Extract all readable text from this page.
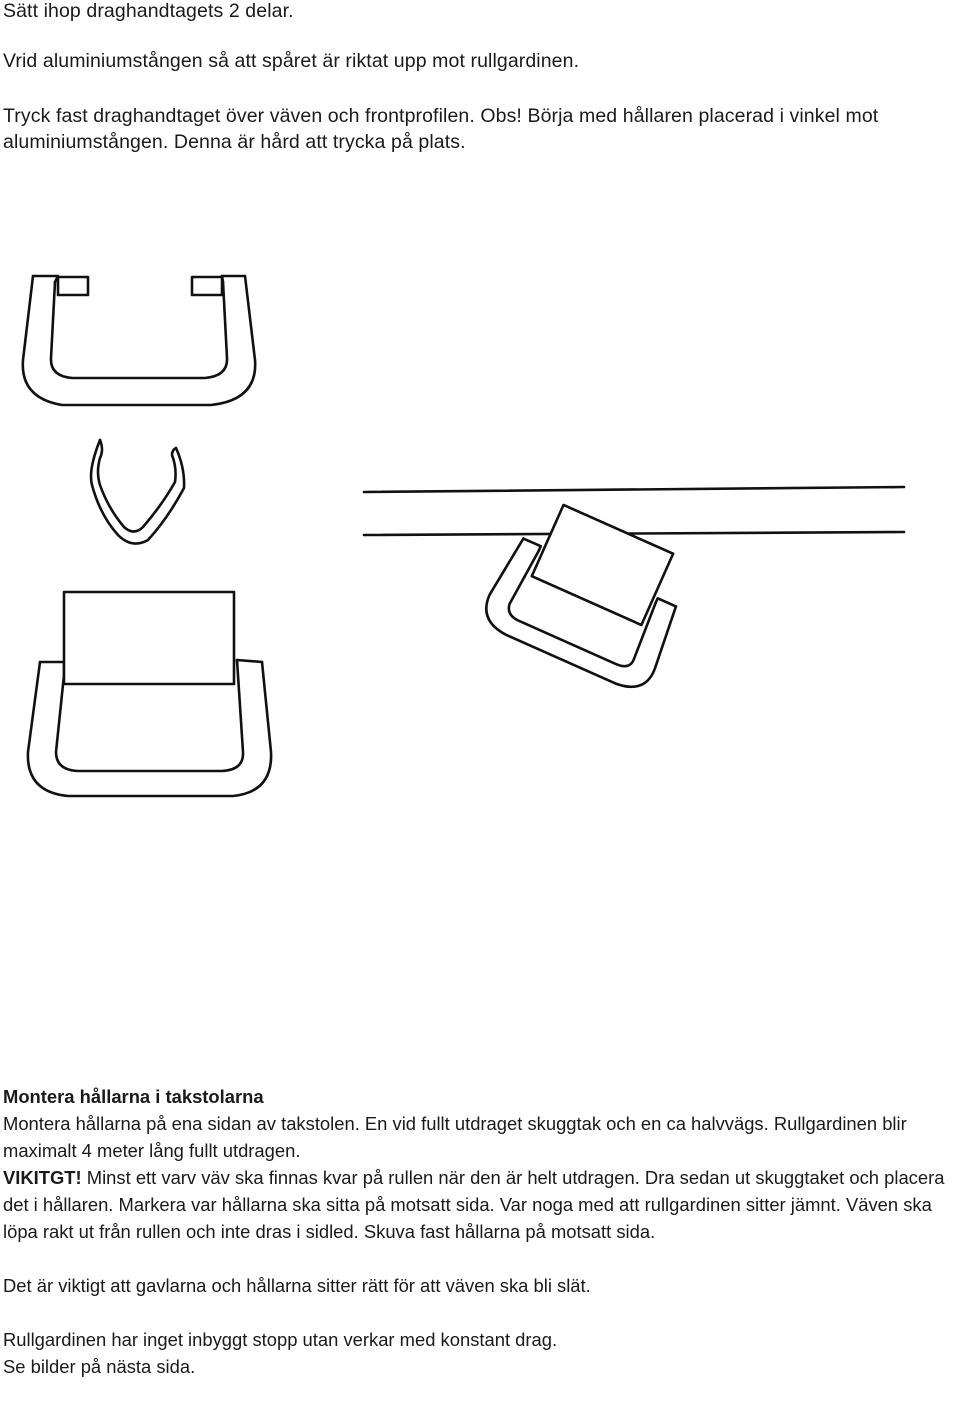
Sätt ihop draghandtagets 2 delar.

Vrid aluminiumstången så att spåret är riktat upp mot rullgardinen.

Tryck fast draghandtaget över väven och frontprofilen. Obs! Börja med hållaren placerad i vinkel mot aluminiumstången. Denna är hård att trycka på plats.

Montera hållarna i takstolarna

Montera hållarna på ena sidan av takstolen. En vid fullt utdraget skuggtak och en ca halvvägs. Rullgardinen blir maximalt 4 meter lång fullt utdragen.

VIKITGT! Minst ett varv väv ska finnas kvar på rullen när den är helt utdragen. Dra sedan ut skuggtaket och placera det i hållaren. Markera var hållarna ska sitta på motsatt sida. Var noga med att rullgardinen sitter jämnt. Väven ska löpa rakt ut från rullen och inte dras i sidled. Skuva fast hållarna på motsatt sida.

Det är viktigt att gavlarna och hållarna sitter rätt för att väven ska bli slät.

Rullgardinen har inget inbyggt stopp utan verkar med konstant drag.

Se bilder på nästa sida.
